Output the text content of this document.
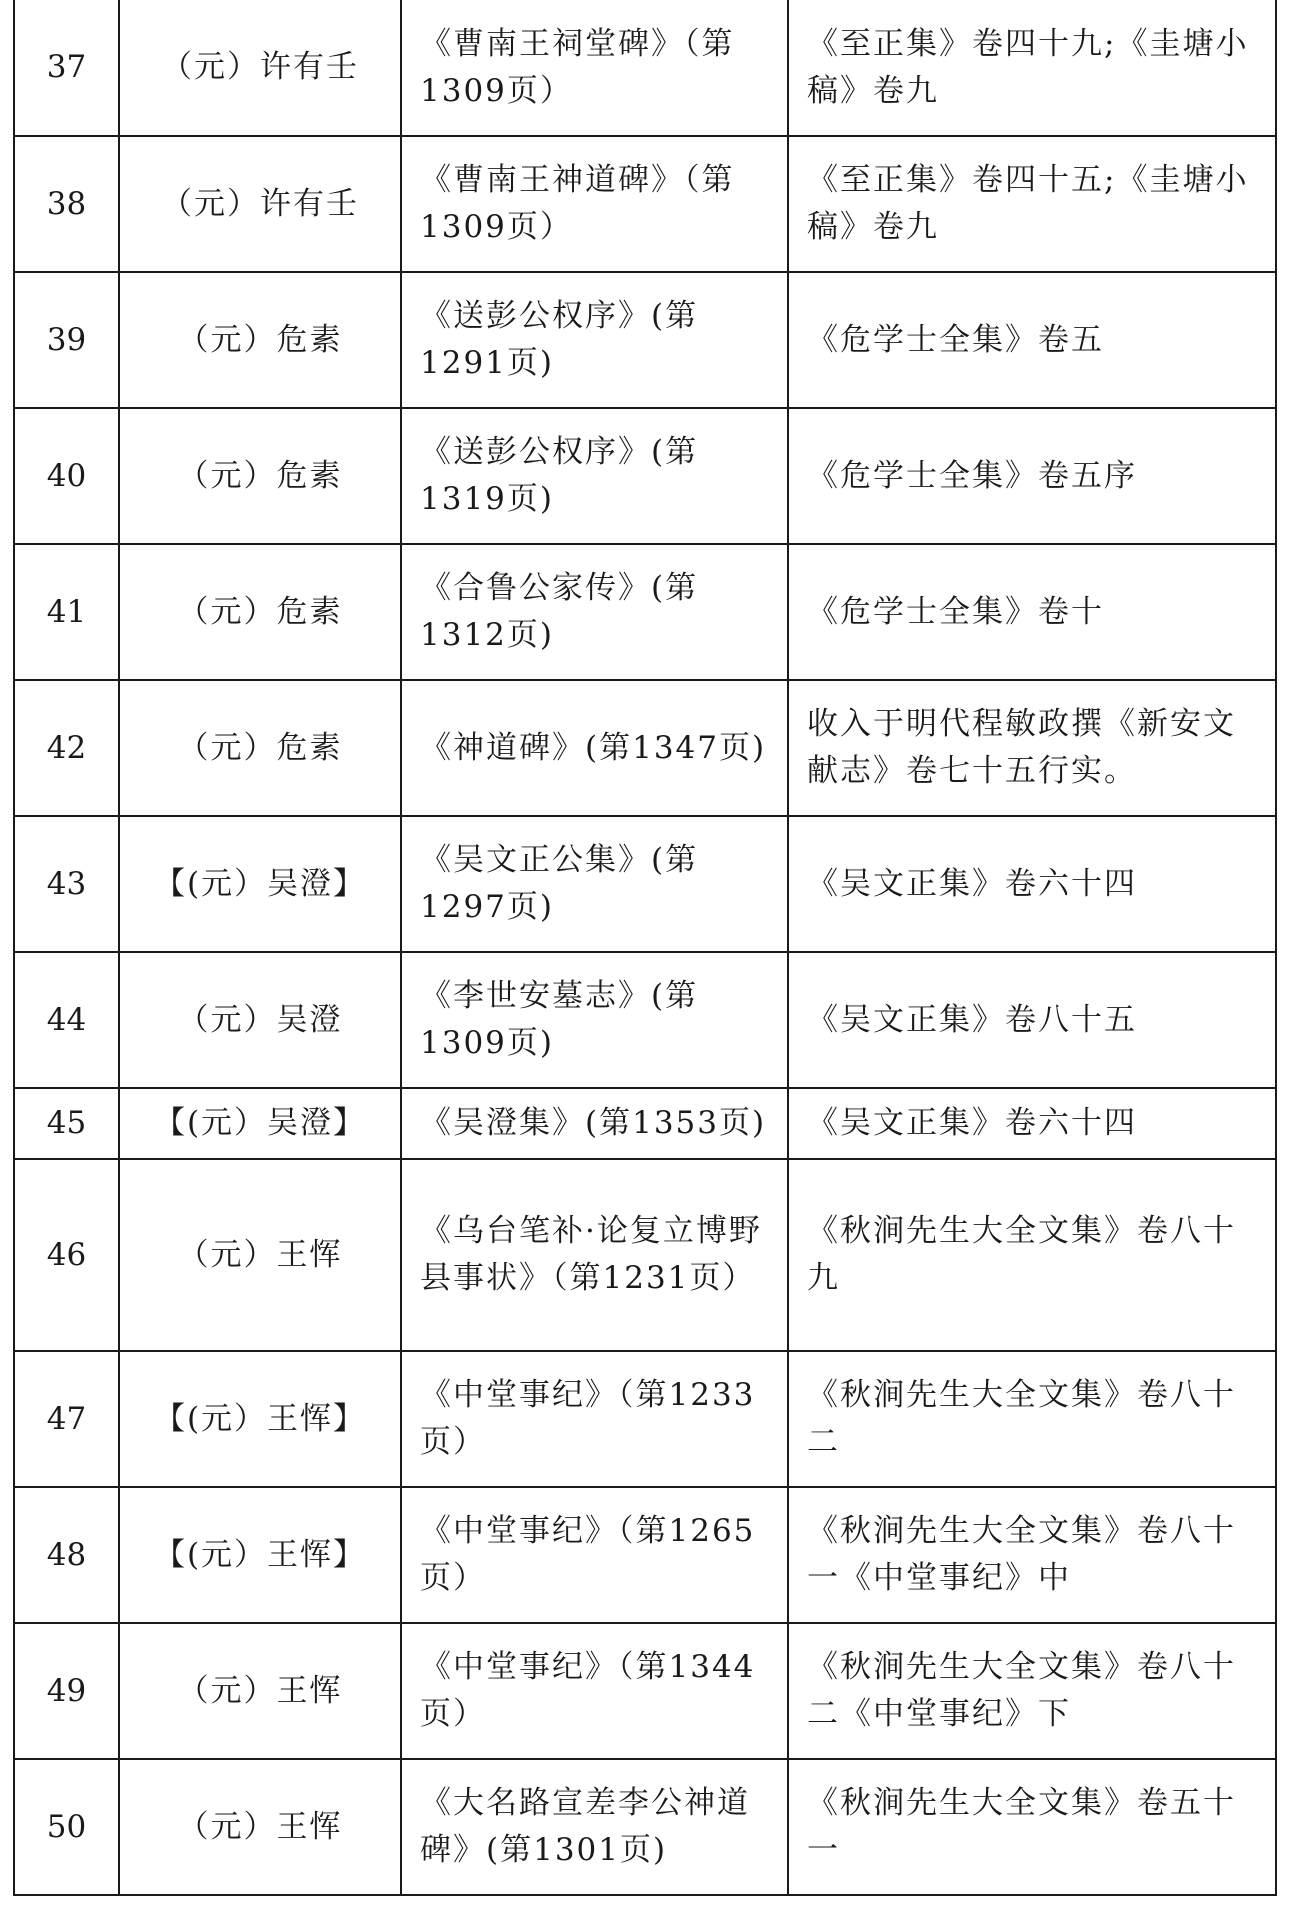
37	（元）许有壬	《曹南王祠堂碑》（第1309页）	《至正集》卷四十九;《圭塘小稿》卷九
38	（元）许有壬	《曹南王神道碑》（第1309页）	《至正集》卷四十五;《圭塘小稿》卷九
39	（元）危素	《送彭公权序》(第1291页)	《危学士全集》卷五
40	（元）危素	《送彭公权序》(第1319页)	《危学士全集》卷五序
41	（元）危素	《合鲁公家传》(第1312页)	《危学士全集》卷十
42	（元）危素	《神道碑》(第1347页)	收入于明代程敏政撰《新安文献志》卷七十五行实。
43	【(元）吴澄】	《吴文正公集》(第1297页)	《吴文正集》卷六十四
44	（元）吴澄	《李世安墓志》(第1309页)	《吴文正集》卷八十五
45	【(元）吴澄】	《吴澄集》(第1353页)	《吴文正集》卷六十四
46	（元）王恽	《乌台笔补·论复立博野县事状》（第1231页）	《秋涧先生大全文集》卷八十九
47	【(元）王恽】	《中堂事纪》（第1233页）	《秋涧先生大全文集》卷八十二
48	【(元）王恽】	《中堂事纪》（第1265页）	《秋涧先生大全文集》卷八十一《中堂事纪》中
49	（元）王恽	《中堂事纪》（第1344页）	《秋涧先生大全文集》卷八十二《中堂事纪》下
50	（元）王恽	《大名路宣差李公神道碑》(第1301页)	《秋涧先生大全文集》卷五十一
